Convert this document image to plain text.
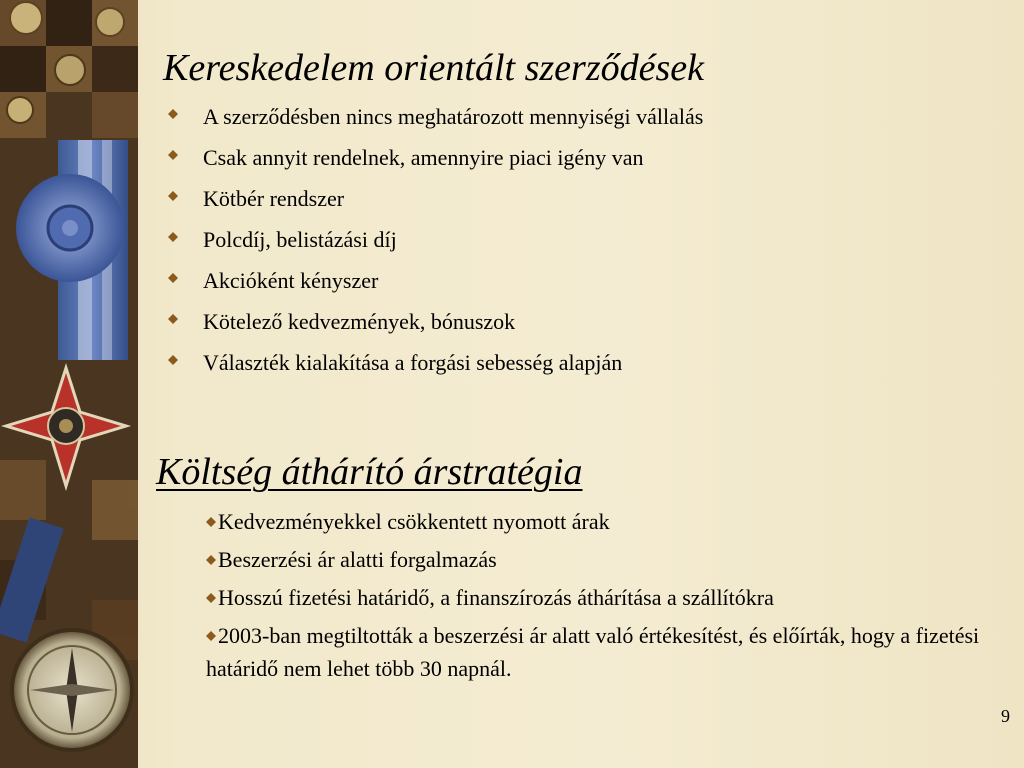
Kereskedelem orientált szerződések
A szerződésben nincs meghatározott mennyiségi vállalás
Csak annyit rendelnek, amennyire piaci igény van
Kötbér rendszer
Polcdíj, belistázási díj
Akcióként kényszer
Kötelező kedvezmények, bónuszok
Választék kialakítása a forgási sebesség alapján
Költség áthárító árstratégia
Kedvezményekkel csökkentett nyomott árak
Beszerzési ár alatti forgalmazás
Hosszú fizetési határidő, a finanszírozás áthárítása a szállítókra
2003-ban megtiltották a beszerzési ár alatt való értékesítést, és előírták, hogy a fizetési határidő nem lehet több 30 napnál.
9
